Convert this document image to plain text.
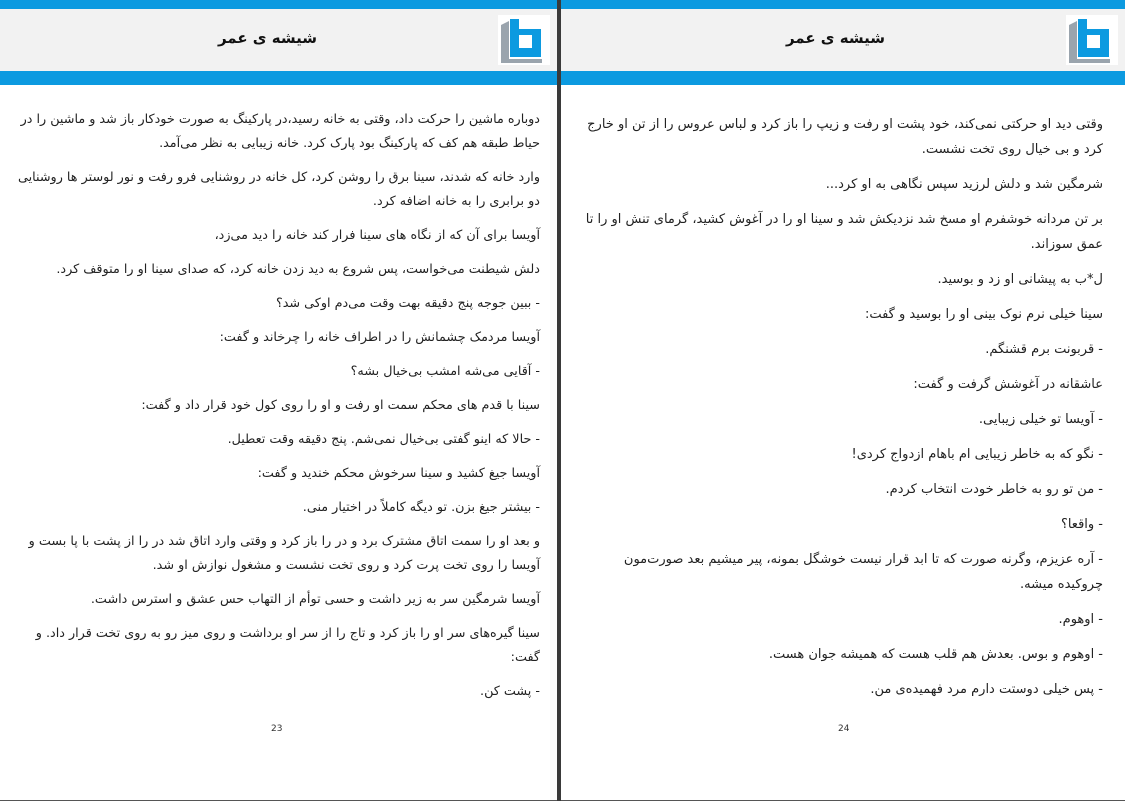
شیشه ی عمر

دوباره ماشین را حرکت داد، وقتی به خانه رسید،در پارکینگ به صورت خودکار باز شد و ماشین را در حیاط طبقه هم کف که پارکینگ بود پارک کرد. خانه زیبایی به نظر می‌آمد.

وارد خانه که شدند، سینا برق را روشن کرد، کل خانه در روشنایی فرو رفت و نور لوستر ها روشنایی دو برابری را به خانه اضافه کرد.

آویسا برای آن که از نگاه های سینا فرار کند خانه را دید می‌زد،

دلش شیطنت می‌خواست، پس شروع به دید زدن خانه کرد، که صدای سینا او را متوقف کرد.

- ببین جوجه پنج دقیقه بهت وقت می‌دم اوکی شد؟

آویسا مردمک چشمانش را در اطراف خانه را چرخاند و گفت:

- آقایی می‌شه امشب بی‌خیال بشه؟

سینا با قدم های محکم سمت او رفت و او را روی کول خود قرار داد و گفت:

- حالا که اینو گفتی بی‌خیال نمی‌شم. پنج دقیقه وقت تعطیل.

آویسا جیغ کشید و سینا سرخوش محکم خندید و گفت:

- بیشتر جیغ بزن. تو دیگه کاملاً در اختیار منی.

و بعد او را سمت اتاق مشترک برد و در را باز کرد و وقتی وارد اتاق شد در را از پشت با پا بست و آویسا را روی تخت پرت کرد و روی تخت نشست و مشغول نوازش او شد.

آویسا شرمگین سر به زیر داشت و حسی توأم از التهاب حس عشق و استرس داشت.

سینا گیره‌های سر او را باز کرد و تاج را از سر او برداشت و روی میز رو به روی تخت قرار داد. و گفت:

- پشت کن.

23
شیشه ی عمر

وقتی دید او حرکتی نمی‌کند، خود پشت او رفت و زیپ را باز کرد و لباس عروس را از تن او خارج کرد و بی خیال روی تخت نشست.

شرمگین شد و دلش لرزید سپس نگاهی به او کرد...

بر تن مردانه خوشفرم او مسخ شد نزدیکش شد و سینا او را در آغوش کشید، گرمای تنش او را تا عمق سوزاند.

ل*ب به پیشانی او زد و بوسید.

سینا خیلی نرم نوک بینی او را بوسید و گفت:

- قربونت برم قشنگم.

عاشقانه در آغوشش گرفت و گفت:

- آویسا تو خیلی زیبایی.

- نگو که به خاطر زیبایی ام باهام ازدواج کردی!

- من تو رو به خاطر خودت انتخاب کردم.

- واقعا؟

- آره عزیزم، وگرنه صورت که تا ابد قرار نیست خوشگل بمونه، پیر میشیم بعد صورت‌مون چروکیده میشه.

- اوهوم.

- اوهوم و بوس. بعدش هم قلب هست که همیشه جوان هست.

- پس خیلی دوستت دارم مرد فهمیده‌ی من.

24
